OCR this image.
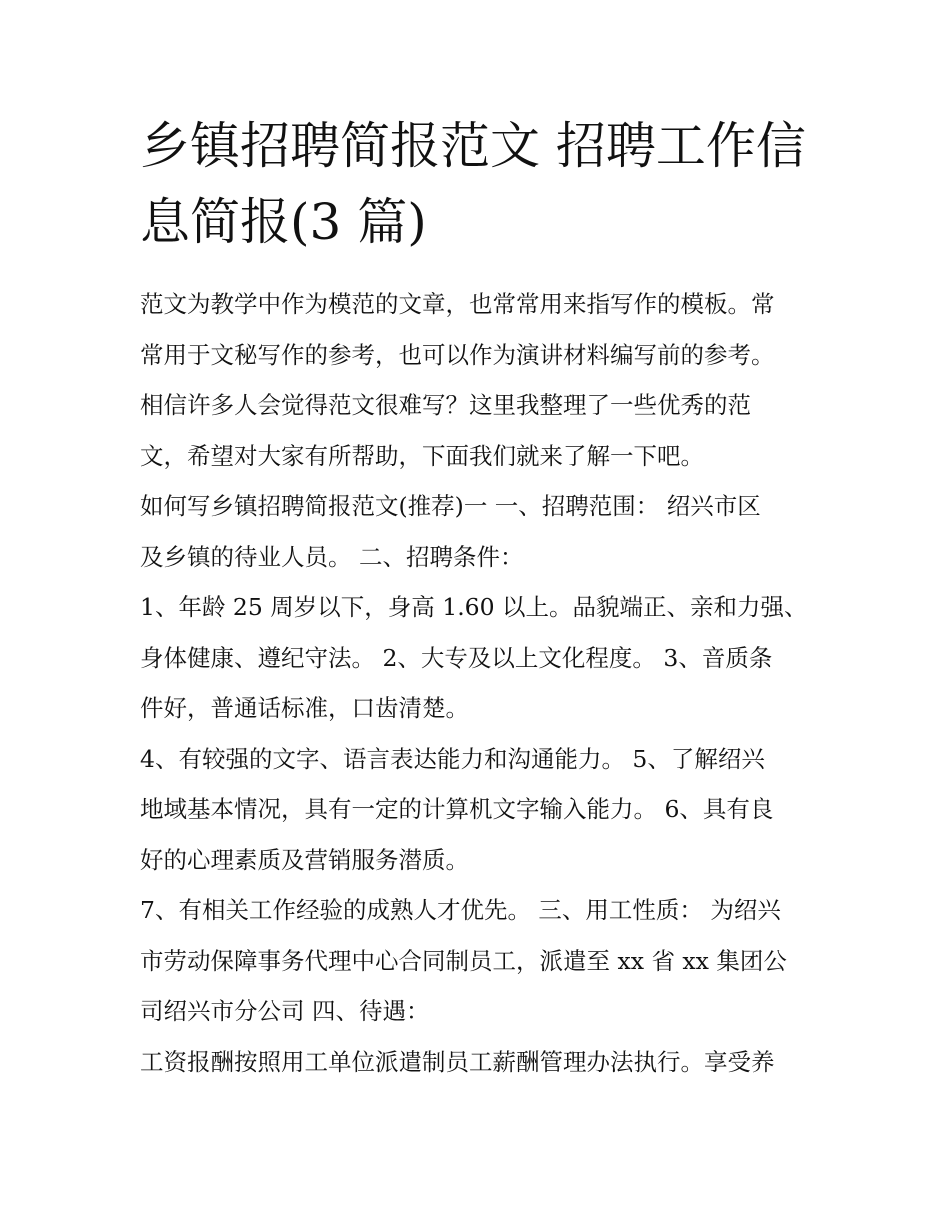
乡镇招聘简报范文 招聘工作信
息简报(3 篇)

范文为教学中作为模范的文章，也常常用来指写作的模板。常
常用于文秘写作的参考，也可以作为演讲材料编写前的参考。
相信许多人会觉得范文很难写？这里我整理了一些优秀的范
文，希望对大家有所帮助，下面我们就来了解一下吧。

如何写乡镇招聘简报范文(推荐)一 一、招聘范围： 绍兴市区
及乡镇的待业人员。 二、招聘条件：

1、年龄 25 周岁以下，身高 1.60 以上。品貌端正、亲和力强、
身体健康、遵纪守法。 2、大专及以上文化程度。 3、音质条
件好，普通话标准，口齿清楚。

4、有较强的文字、语言表达能力和沟通能力。 5、了解绍兴
地域基本情况，具有一定的计算机文字输入能力。 6、具有良
好的心理素质及营销服务潜质。

7、有相关工作经验的成熟人才优先。 三、用工性质： 为绍兴
市劳动保障事务代理中心合同制员工，派遣至 xx 省 xx 集团公
司绍兴市分公司 四、待遇：

工资报酬按照用工单位派遣制员工薪酬管理办法执行。享受养
